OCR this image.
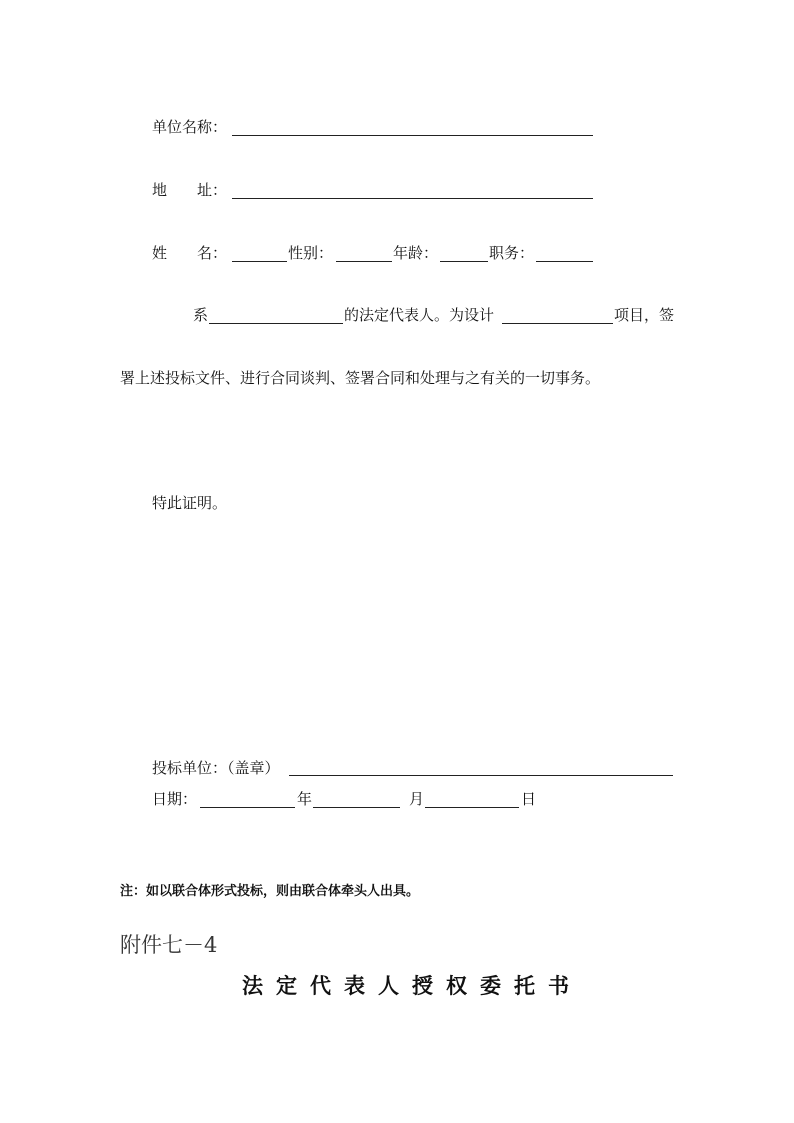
单位名称：
地　　址：
姓　　名：	性别：	年龄：	职务：
系	的法定代表人。为设计	项目，签
署上述投标文件、进行合同谈判、签署合同和处理与之有关的一切事务。
特此证明。
投标单位：（盖章）
日期：	年	月	日
注：如以联合体形式投标，则由联合体牵头人出具。
附件七－4
法定代表人授权委托书
